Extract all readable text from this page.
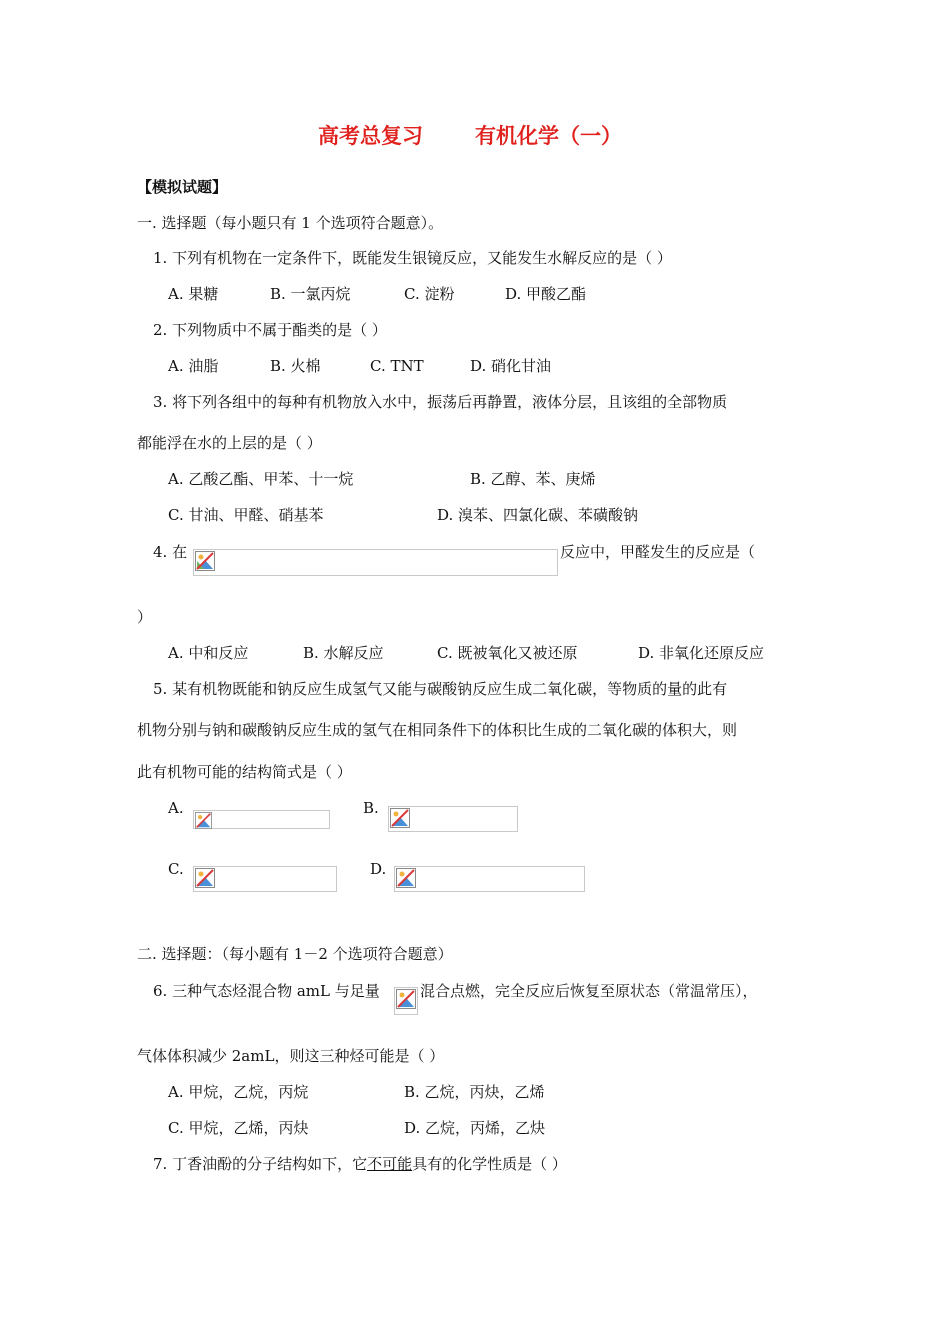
高考总复习 有机化学（一）
【模拟试题】
一. 选择题（每小题只有 1 个选项符合题意）。
1. 下列有机物在一定条件下，既能发生银镜反应，又能发生水解反应的是（ ）
A. 果糖	B. 一氯丙烷	C. 淀粉	D. 甲酸乙酯
2. 下列物质中不属于酯类的是（ ）
A. 油脂	B. 火棉	C. TNT	D. 硝化甘油
3. 将下列各组中的每种有机物放入水中，振荡后再静置，液体分层，且该组的全部物质
都能浮在水的上层的是（ ）
A. 乙酸乙酯、甲苯、十一烷	B. 乙醇、苯、庚烯
C. 甘油、甲醛、硝基苯	D. 溴苯、四氯化碳、苯磺酸钠
4. 在	反应中，甲醛发生的反应是（
）
A. 中和反应	B. 水解反应	C. 既被氧化又被还原	D. 非氧化还原反应
5. 某有机物既能和钠反应生成氢气又能与碳酸钠反应生成二氧化碳，等物质的量的此有
机物分别与钠和碳酸钠反应生成的氢气在相同条件下的体积比生成的二氧化碳的体积大，则
此有机物可能的结构简式是（ ）
A.	B.
C.	D.
二. 选择题：（每小题有 1－2 个选项符合题意）
6. 三种气态烃混合物 amL 与足量	混合点燃，完全反应后恢复至原状态（常温常压），
气体体积减少 2amL，则这三种烃可能是（ ）
A. 甲烷，乙烷，丙烷	B. 乙烷，丙炔，乙烯
C. 甲烷，乙烯，丙炔	D. 乙烷，丙烯，乙炔
7. 丁香油酚的分子结构如下，它不可能具有的化学性质是（ ）
